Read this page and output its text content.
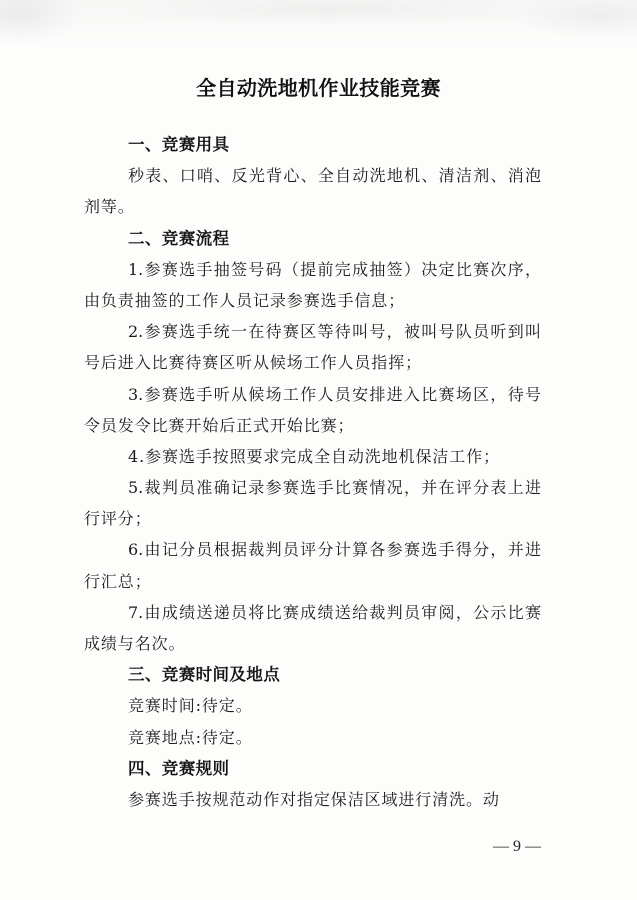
全自动洗地机作业技能竞赛
一、竞赛用具
秒表、口哨、反光背心、全自动洗地机、清洁剂、消泡
剂等。
二、竞赛流程
1.参赛选手抽签号码（提前完成抽签）决定比赛次序，
由负责抽签的工作人员记录参赛选手信息；
2.参赛选手统一在待赛区等待叫号，被叫号队员听到叫
号后进入比赛待赛区听从候场工作人员指挥；
3.参赛选手听从候场工作人员安排进入比赛场区，待号
令员发令比赛开始后正式开始比赛；
4.参赛选手按照要求完成全自动洗地机保洁工作；
5.裁判员准确记录参赛选手比赛情况，并在评分表上进
行评分；
6.由记分员根据裁判员评分计算各参赛选手得分，并进
行汇总；
7.由成绩送递员将比赛成绩送给裁判员审阅，公示比赛
成绩与名次。
三、竞赛时间及地点
竞赛时间:待定。
竞赛地点:待定。
四、竞赛规则
参赛选手按规范动作对指定保洁区域进行清洗。动
— 9 —
